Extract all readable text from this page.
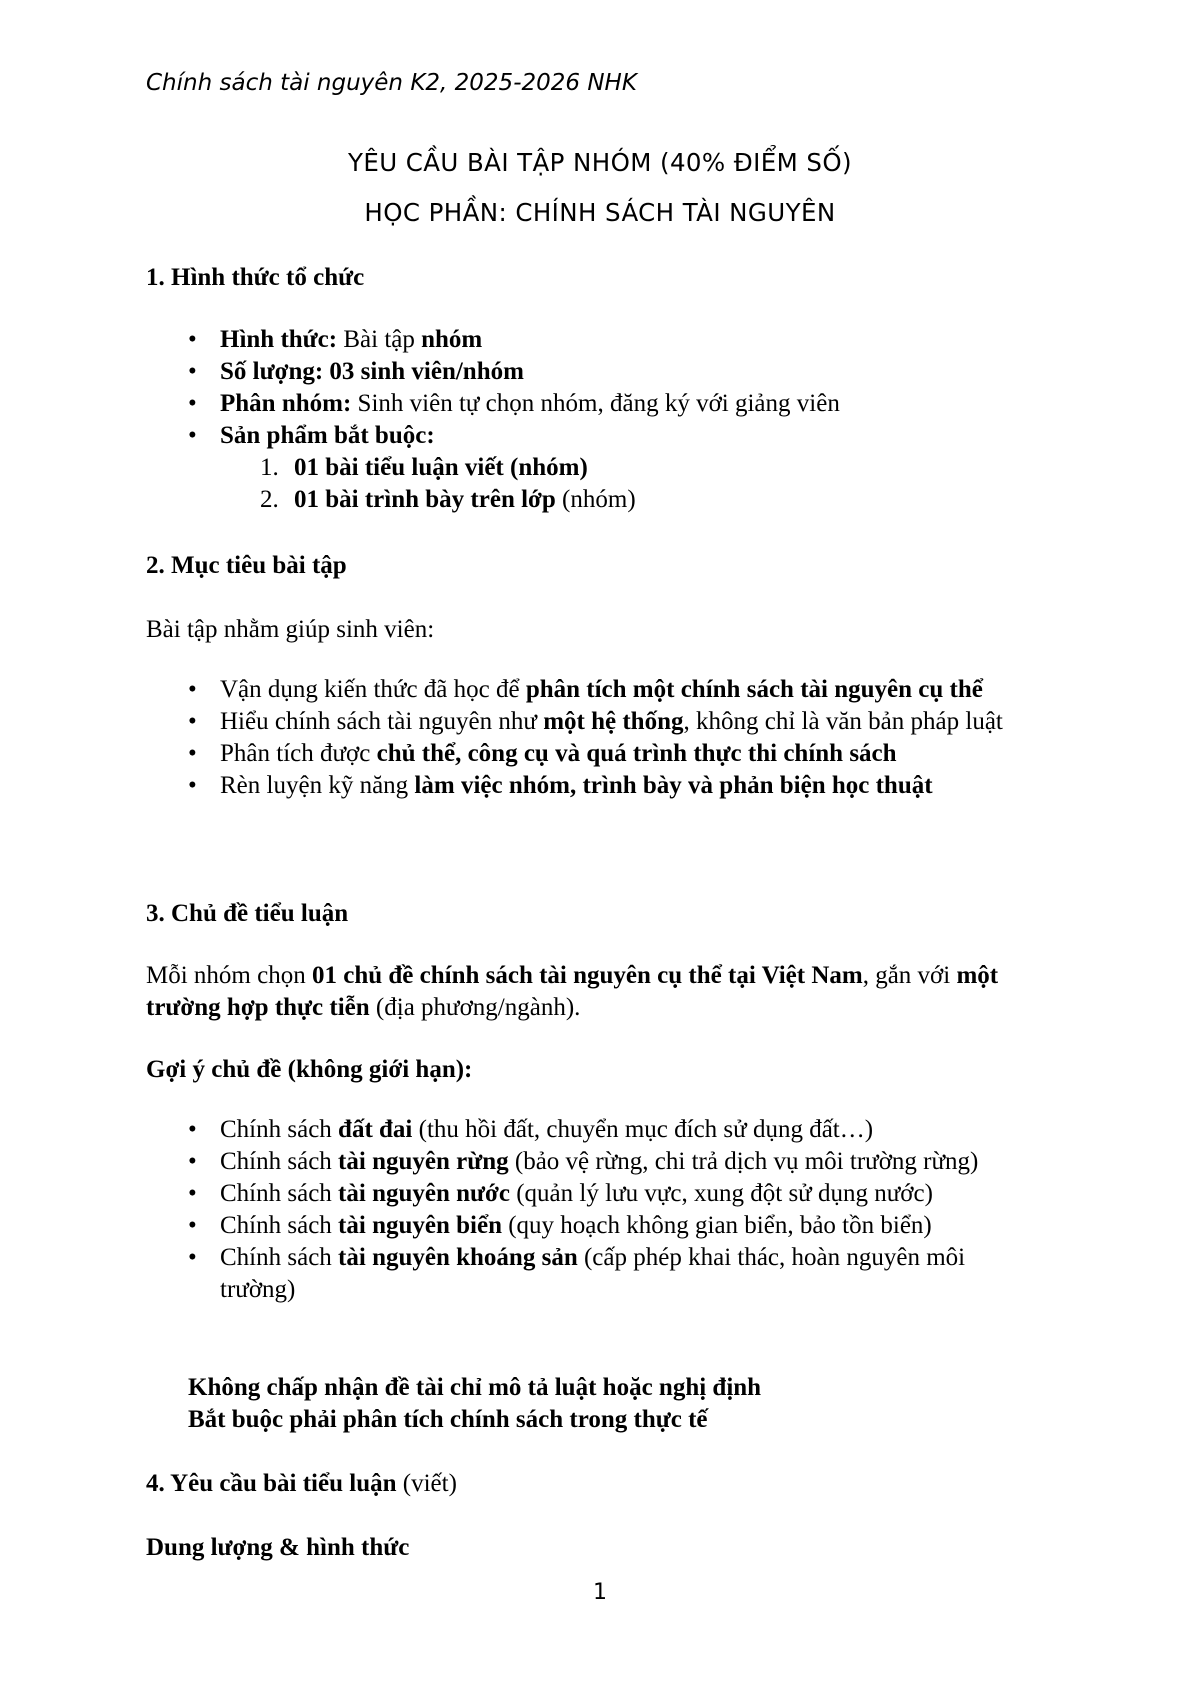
Chính sách tài nguyên K2, 2025-2026 NHK
YÊU CẦU BÀI TẬP NHÓM (40% ĐIỂM SỐ)
HỌC PHẦN: CHÍNH SÁCH TÀI NGUYÊN
1. Hình thức tổ chức
• Hình thức: Bài tập nhóm
• Số lượng: 03 sinh viên/nhóm
• Phân nhóm: Sinh viên tự chọn nhóm, đăng ký với giảng viên
• Sản phẩm bắt buộc:
1. 01 bài tiểu luận viết (nhóm)
2. 01 bài trình bày trên lớp (nhóm)
2. Mục tiêu bài tập
Bài tập nhằm giúp sinh viên:
• Vận dụng kiến thức đã học để phân tích một chính sách tài nguyên cụ thể
• Hiểu chính sách tài nguyên như một hệ thống, không chỉ là văn bản pháp luật
• Phân tích được chủ thể, công cụ và quá trình thực thi chính sách
• Rèn luyện kỹ năng làm việc nhóm, trình bày và phản biện học thuật
3. Chủ đề tiểu luận
Mỗi nhóm chọn 01 chủ đề chính sách tài nguyên cụ thể tại Việt Nam, gắn với một trường hợp thực tiễn (địa phương/ngành).
Gợi ý chủ đề (không giới hạn):
• Chính sách đất đai (thu hồi đất, chuyển mục đích sử dụng đất…)
• Chính sách tài nguyên rừng (bảo vệ rừng, chi trả dịch vụ môi trường rừng)
• Chính sách tài nguyên nước (quản lý lưu vực, xung đột sử dụng nước)
• Chính sách tài nguyên biển (quy hoạch không gian biển, bảo tồn biển)
• Chính sách tài nguyên khoáng sản (cấp phép khai thác, hoàn nguyên môi trường)
Không chấp nhận đề tài chỉ mô tả luật hoặc nghị định
Bắt buộc phải phân tích chính sách trong thực tế
4. Yêu cầu bài tiểu luận (viết)
Dung lượng & hình thức
1
